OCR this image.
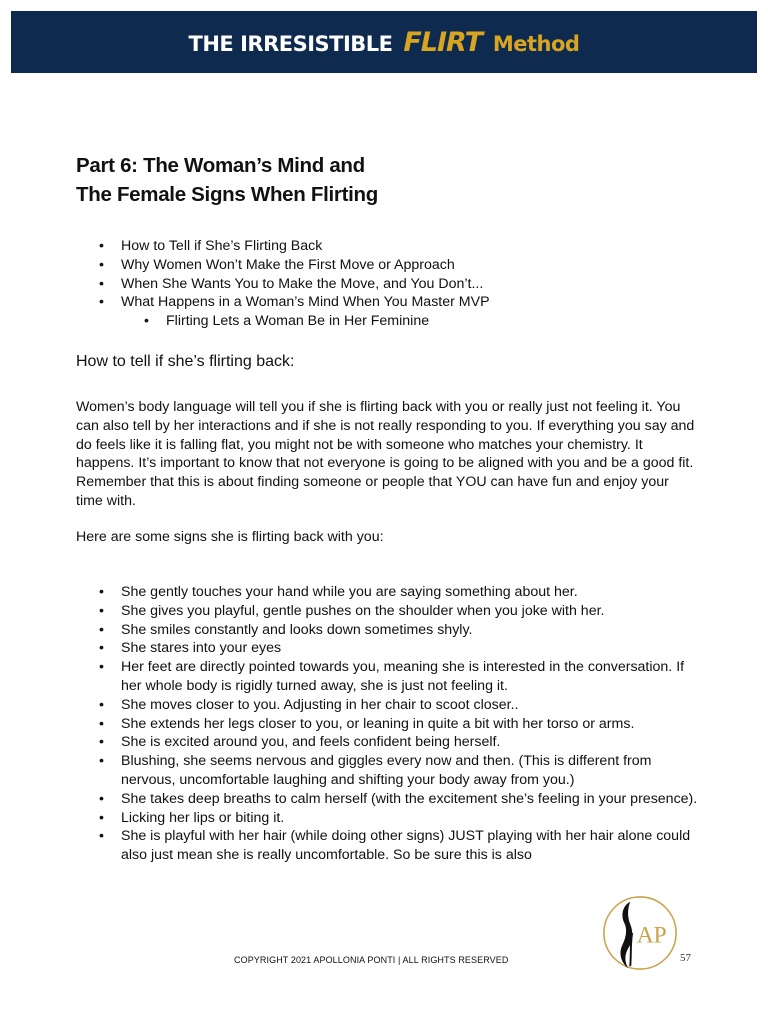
THE IRRESISTIBLE FLIRT Method
Part 6: The Woman’s Mind and
The Female Signs When Flirting
• How to Tell if She’s Flirting Back
• Why Women Won’t Make the First Move or Approach
• When She Wants You to Make the Move, and You Don’t...
• What Happens in a Woman’s Mind When You Master MVP
• Flirting Lets a Woman Be in Her Feminine
How to tell if she’s flirting back:

Women’s body language will tell you if she is flirting back with you or really just not feeling it. You can also tell by her interactions and if she is not really responding to you. If everything you say and do feels like it is falling flat, you might not be with someone who matches your chemistry. It happens. It’s important to know that not everyone is going to be aligned with you and be a good fit. Remember that this is about finding someone or people that YOU can have fun and enjoy your time with.

Here are some signs she is flirting back with you:

• She gently touches your hand while you are saying something about her.
• She gives you playful, gentle pushes on the shoulder when you joke with her.
• She smiles constantly and looks down sometimes shyly.
• She stares into your eyes
• Her feet are directly pointed towards you, meaning she is interested in the conversation. If her whole body is rigidly turned away, she is just not feeling it.
• She moves closer to you. Adjusting in her chair to scoot closer..
• She extends her legs closer to you, or leaning in quite a bit with her torso or arms.
• She is excited around you, and feels confident being herself.
• Blushing, she seems nervous and giggles every now and then. (This is different from nervous, uncomfortable laughing and shifting your body away from you.)
• She takes deep breaths to calm herself (with the excitement she’s feeling in your presence).
• Licking her lips or biting it.
• She is playful with her hair (while doing other signs) JUST playing with her hair alone could also just mean she is really uncomfortable. So be sure this is also
COPYRIGHT 2021 APOLLONIA PONTI | ALL RIGHTS RESERVED
AP
57
